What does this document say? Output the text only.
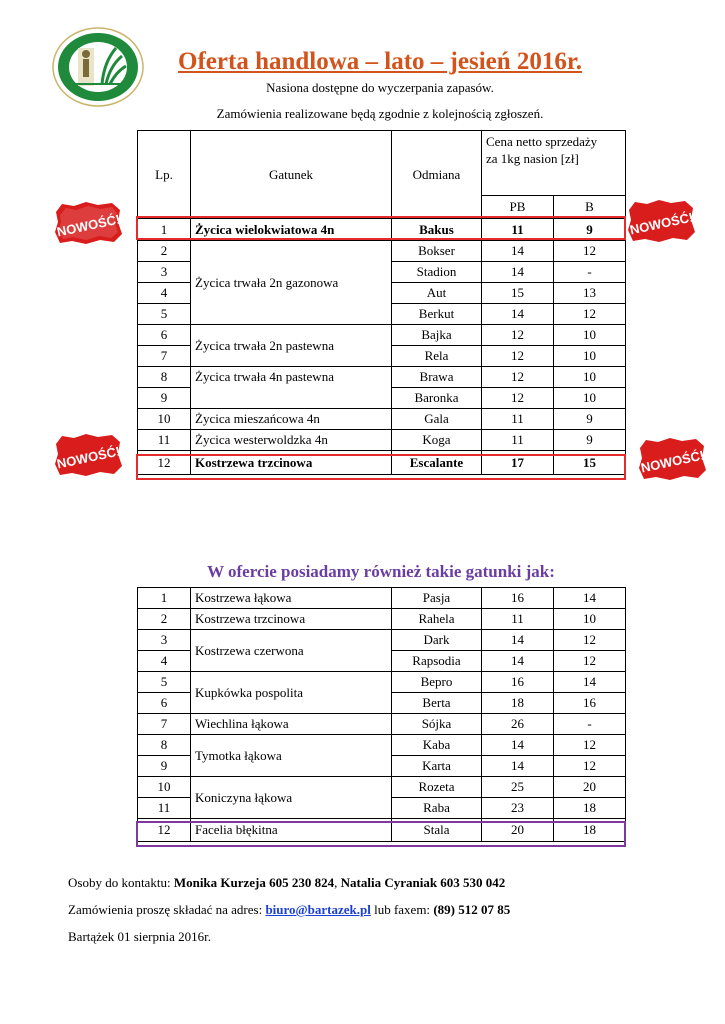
Oferta handlowa – lato – jesień 2016r.
Nasiona dostępne do wyczerpania zapasów.
Zamówienia realizowane będą zgodnie z kolejnością zgłoszeń.
Lp.	Gatunek	Odmiana	Cena netto sprzedaży
za 1kg nasion [zł]	

			PB	B
1	Życica wielokwiatowa 4n	Bakus	11	9
2	Życica trwała 2n gazonowa	Bokser	14	12
3		Stadion	14	-
4		Aut	15	13
5		Berkut	14	12
6	Życica trwała 2n pastewna	Bajka	12	10
7		Rela	12	10
8	Życica trwała 4n pastewna	Brawa	12	10
9		Baronka	12	10
10	Życica mieszańcowa 4n	Gala	11	9
11	Życica westerwoldzka 4n	Koga	11	9
12	Kostrzewa trzcinowa	Escalante	17	15
NOWOŚĆ!	NOWOŚĆ!
NOWOŚĆ!	NOWOŚĆ!
W ofercie posiadamy również takie gatunki jak:
1	Kostrzewa łąkowa	Pasja	16	14
2	Kostrzewa trzcinowa	Rahela	11	10
3	Kostrzewa czerwona	Dark	14	12
4		Rapsodia	14	12
5	Kupkówka pospolita	Bepro	16	14
6		Berta	18	16
7	Wiechlina łąkowa	Sójka	26	-
8	Tymotka łąkowa	Kaba	14	12
9		Karta	14	12
10	Koniczyna łąkowa	Rozeta	25	20
11		Raba	23	18
12	Facelia błękitna	Stala	20	18
Osoby do kontaktu: Monika Kurzeja 605 230 824, Natalia Cyraniak 603 530 042
Zamówienia proszę składać na adres: biuro@bartazek.pl lub faxem: (89) 512 07 85
Bartążek 01 sierpnia 2016r.
